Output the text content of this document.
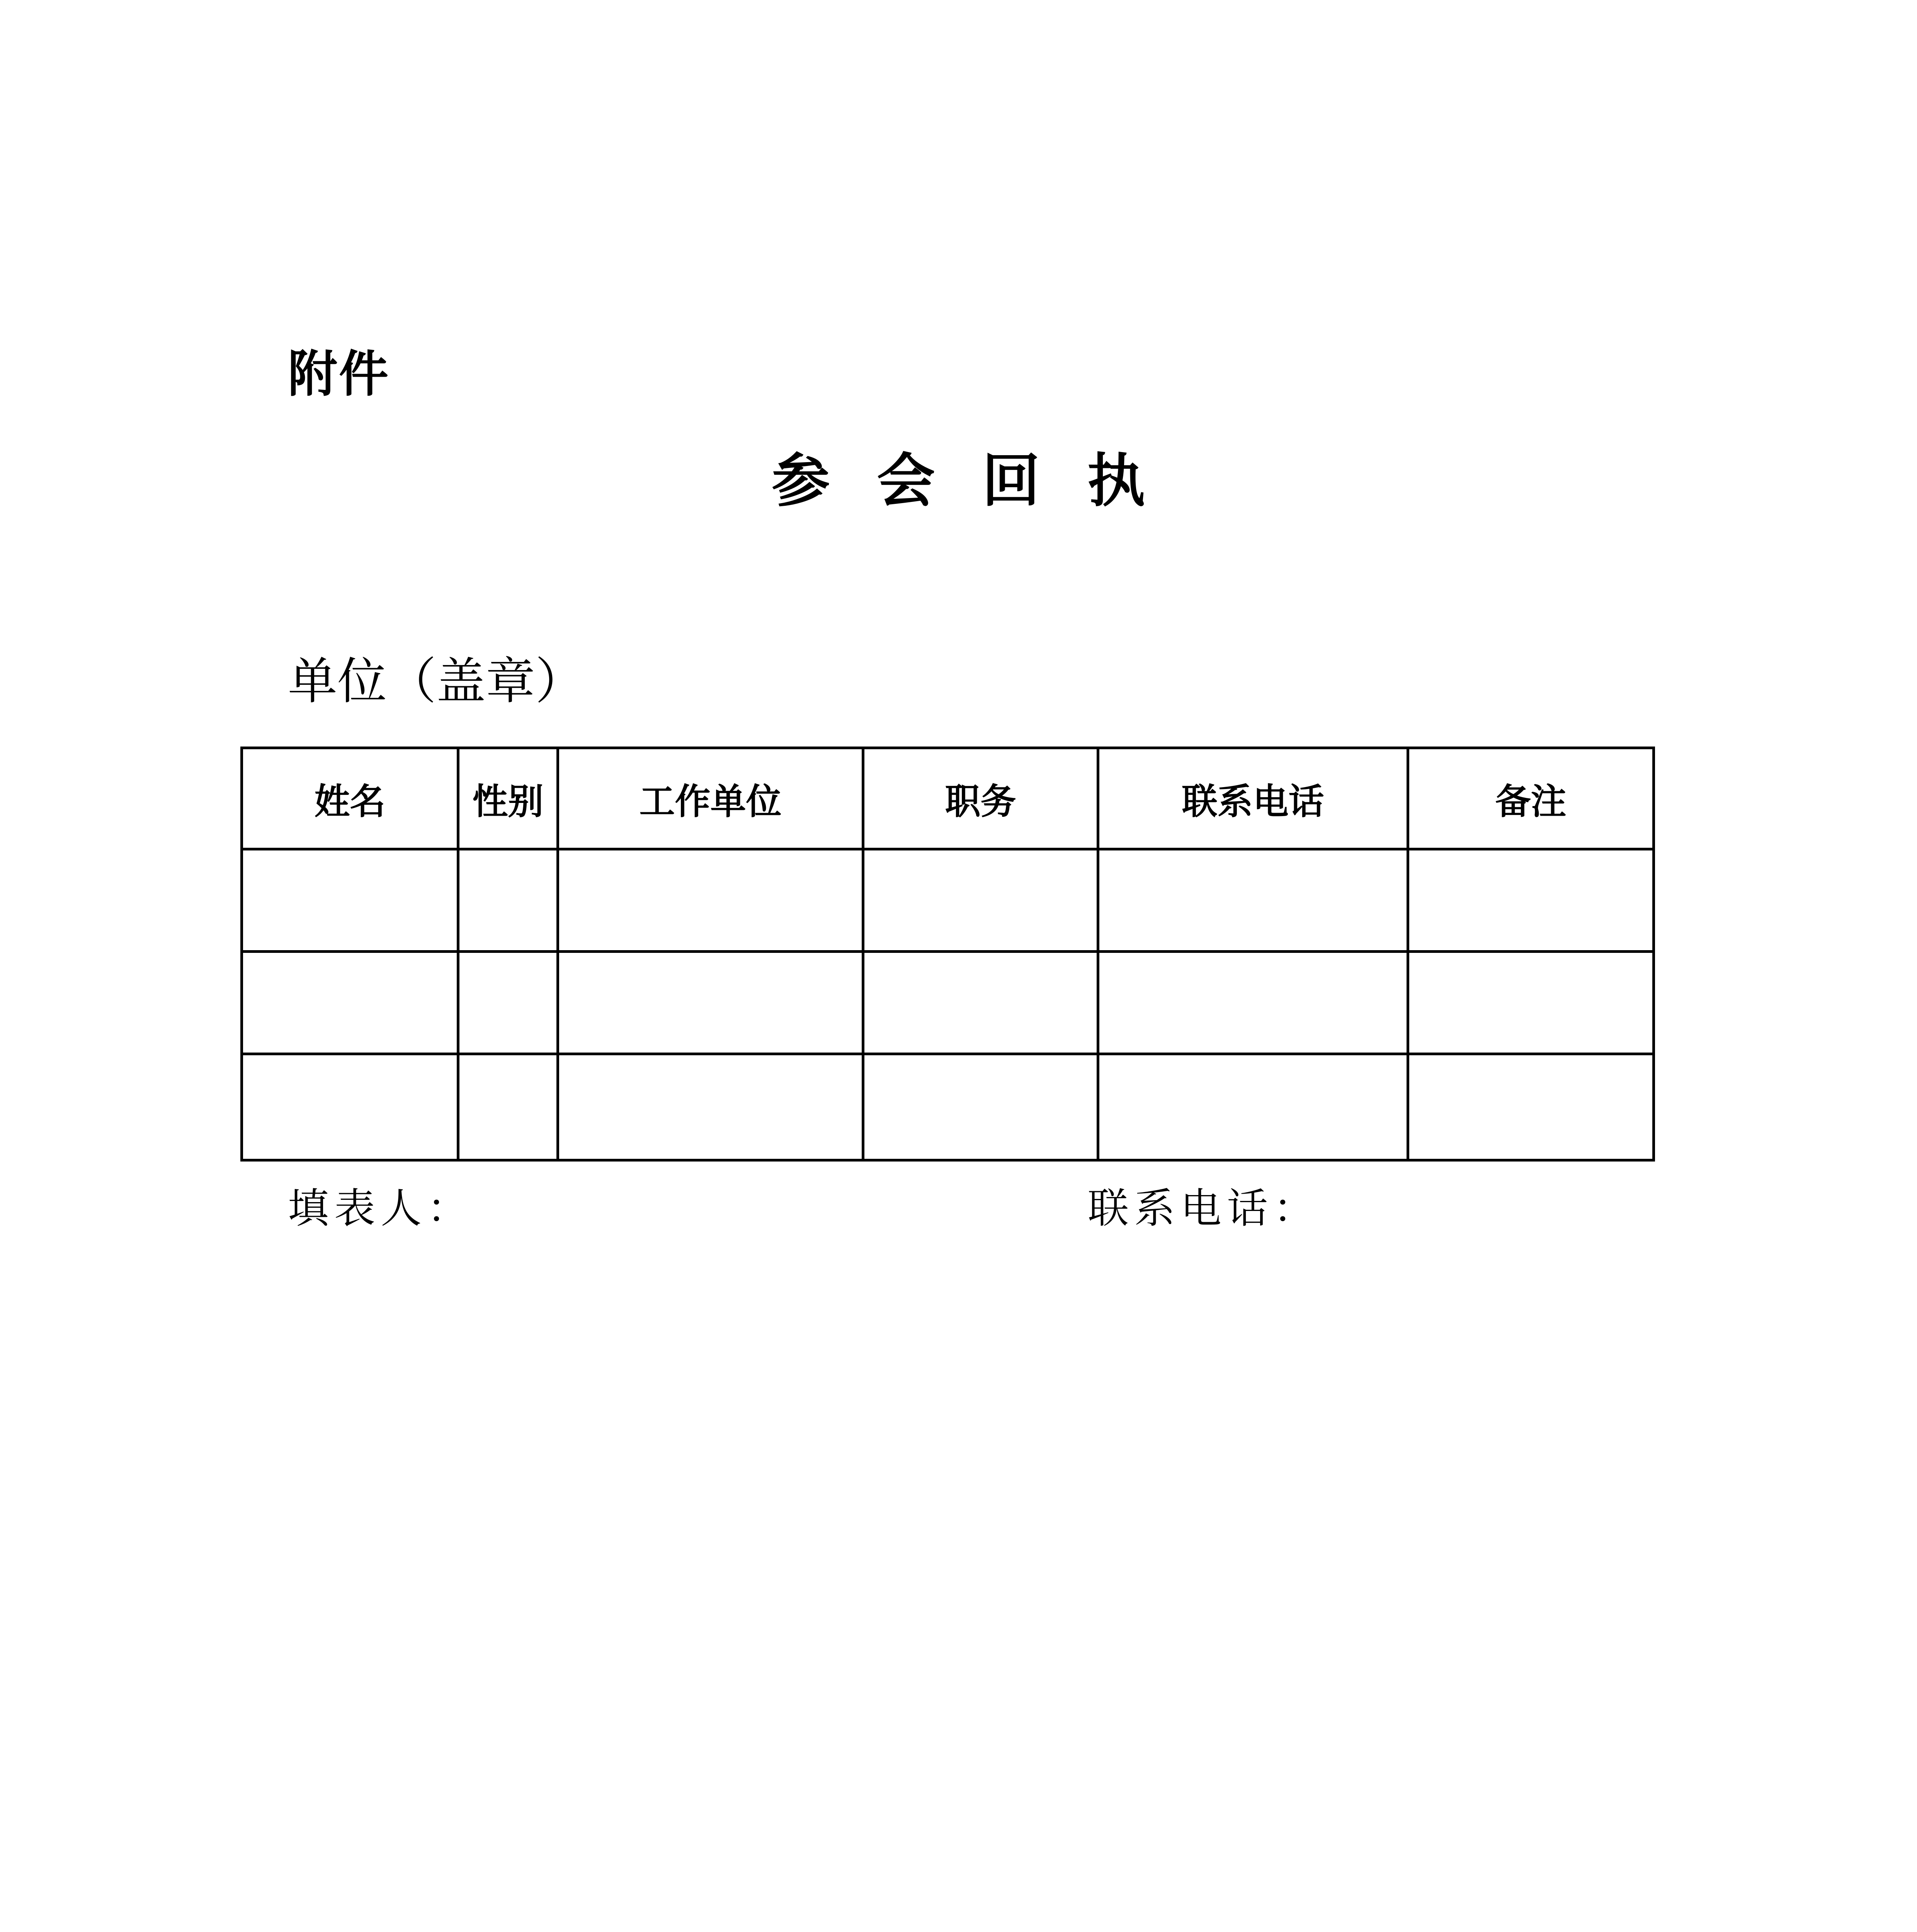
附件
参 会 回 执
单位（盖章）
姓名	性别	工作单位	职务	联系电话	备注

填表人：	联系电话：
